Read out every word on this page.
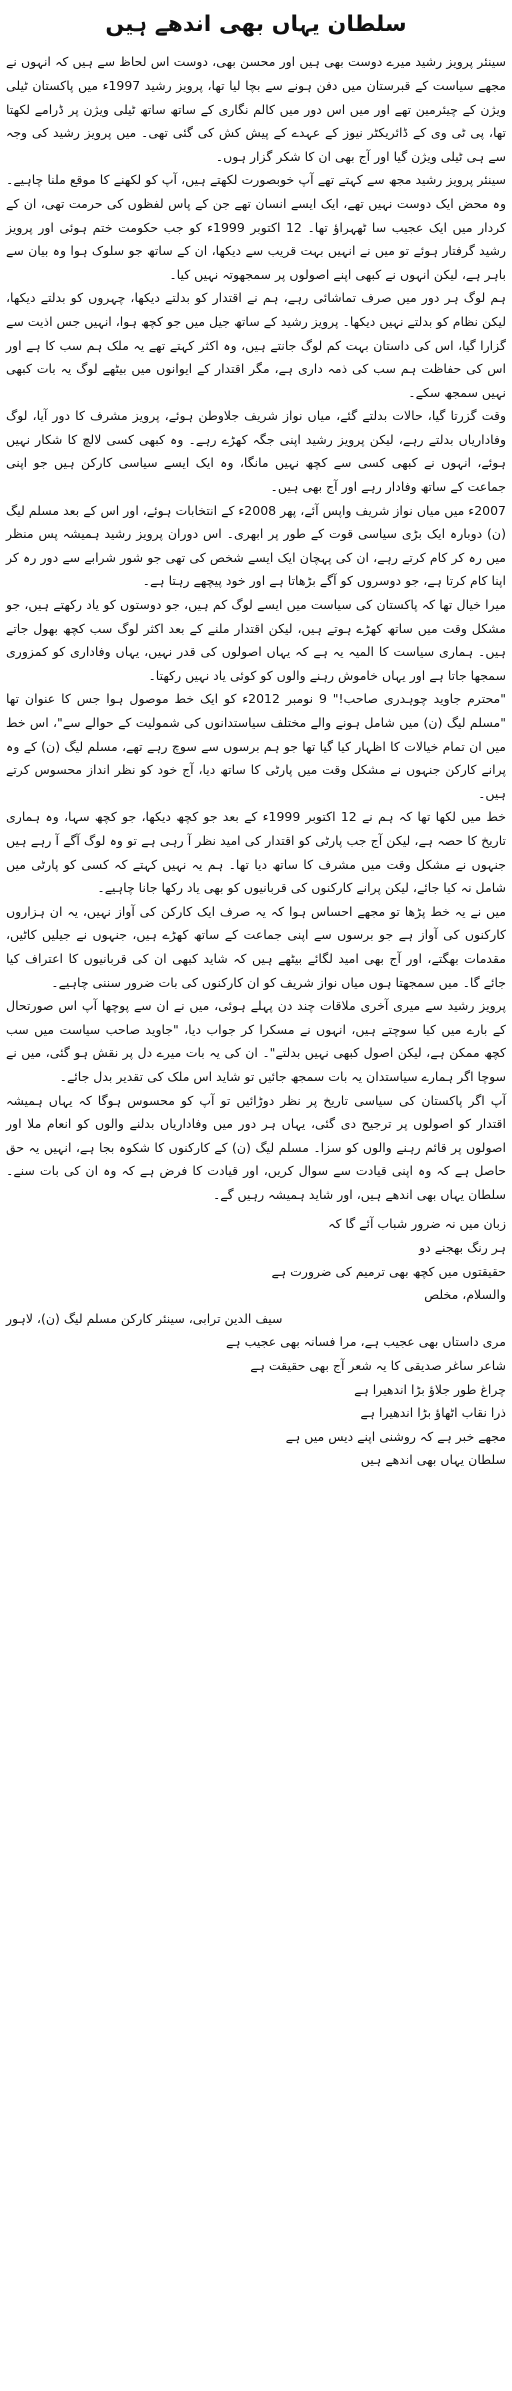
سلطان یہاں بھی اندھے ہیں

سینئر پرویز رشید میرے دوست بھی ہیں اور محسن بھی، دوست اس لحاظ سے ہیں کہ انہوں نے مجھے سیاست کے قبرستان میں دفن ہونے سے بچا لیا تھا، پرویز رشید 1997ء میں پاکستان ٹیلی ویژن کے چیئرمین تھے اور میں اس دور میں کالم نگاری کے ساتھ ساتھ ٹیلی ویژن پر ڈرامے لکھتا تھا، پی ٹی وی کے ڈائریکٹر نیوز کے عہدے کے پیش کش کی گئی تھی۔ میں پرویز رشید کی وجہ سے ہی ٹیلی ویژن گیا اور آج بھی ان کا شکر گزار ہوں۔

سینئر پرویز رشید مجھ سے کہتے تھے آپ خوبصورت لکھتے ہیں، آپ کو لکھنے کا موقع ملنا چاہیے۔ وہ محض ایک دوست نہیں تھے، ایک ایسے انسان تھے جن کے پاس لفظوں کی حرمت تھی، ان کے کردار میں ایک عجیب سا ٹھہراؤ تھا۔ 12 اکتوبر 1999ء کو جب حکومت ختم ہوئی اور پرویز رشید گرفتار ہوئے تو میں نے انہیں بہت قریب سے دیکھا، ان کے ساتھ جو سلوک ہوا وہ بیان سے باہر ہے، لیکن انہوں نے کبھی اپنے اصولوں پر سمجھوتہ نہیں کیا۔

ہم لوگ ہر دور میں صرف تماشائی رہے، ہم نے اقتدار کو بدلتے دیکھا، چہروں کو بدلتے دیکھا، لیکن نظام کو بدلتے نہیں دیکھا۔ پرویز رشید کے ساتھ جیل میں جو کچھ ہوا، انہیں جس اذیت سے گزارا گیا، اس کی داستان بہت کم لوگ جانتے ہیں، وہ اکثر کہتے تھے یہ ملک ہم سب کا ہے اور اس کی حفاظت ہم سب کی ذمہ داری ہے، مگر اقتدار کے ایوانوں میں بیٹھے لوگ یہ بات کبھی نہیں سمجھ سکے۔

وقت گزرتا گیا، حالات بدلتے گئے، میاں نواز شریف جلاوطن ہوئے، پرویز مشرف کا دور آیا، لوگ وفاداریاں بدلتے رہے، لیکن پرویز رشید اپنی جگہ کھڑے رہے۔ وہ کبھی کسی لالچ کا شکار نہیں ہوئے، انہوں نے کبھی کسی سے کچھ نہیں مانگا، وہ ایک ایسے سیاسی کارکن ہیں جو اپنی جماعت کے ساتھ وفادار رہے اور آج بھی ہیں۔

2007ء میں میاں نواز شریف واپس آئے، پھر 2008ء کے انتخابات ہوئے، اور اس کے بعد مسلم لیگ (ن) دوبارہ ایک بڑی سیاسی قوت کے طور پر ابھری۔ اس دوران پرویز رشید ہمیشہ پس منظر میں رہ کر کام کرتے رہے، ان کی پہچان ایک ایسے شخص کی تھی جو شور شرابے سے دور رہ کر اپنا کام کرتا ہے، جو دوسروں کو آگے بڑھاتا ہے اور خود پیچھے رہتا ہے۔

میرا خیال تھا کہ پاکستان کی سیاست میں ایسے لوگ کم ہیں، جو دوستوں کو یاد رکھتے ہیں، جو مشکل وقت میں ساتھ کھڑے ہوتے ہیں، لیکن اقتدار ملنے کے بعد اکثر لوگ سب کچھ بھول جاتے ہیں۔ ہماری سیاست کا المیہ یہ ہے کہ یہاں اصولوں کی قدر نہیں، یہاں وفاداری کو کمزوری سمجھا جاتا ہے اور یہاں خاموش رہنے والوں کو کوئی یاد نہیں رکھتا۔

"محترم جاوید چوہدری صاحب!" 9 نومبر 2012ء کو ایک خط موصول ہوا جس کا عنوان تھا "مسلم لیگ (ن) میں شامل ہونے والے مختلف سیاستدانوں کی شمولیت کے حوالے سے"، اس خط میں ان تمام خیالات کا اظہار کیا گیا تھا جو ہم برسوں سے سوچ رہے تھے، مسلم لیگ (ن) کے وہ پرانے کارکن جنہوں نے مشکل وقت میں پارٹی کا ساتھ دیا، آج خود کو نظر انداز محسوس کرتے ہیں۔

خط میں لکھا تھا کہ ہم نے 12 اکتوبر 1999ء کے بعد جو کچھ دیکھا، جو کچھ سہا، وہ ہماری تاریخ کا حصہ ہے، لیکن آج جب پارٹی کو اقتدار کی امید نظر آ رہی ہے تو وہ لوگ آگے آ رہے ہیں جنہوں نے مشکل وقت میں مشرف کا ساتھ دیا تھا۔ ہم یہ نہیں کہتے کہ کسی کو پارٹی میں شامل نہ کیا جائے، لیکن پرانے کارکنوں کی قربانیوں کو بھی یاد رکھا جانا چاہیے۔

میں نے یہ خط پڑھا تو مجھے احساس ہوا کہ یہ صرف ایک کارکن کی آواز نہیں، یہ ان ہزاروں کارکنوں کی آواز ہے جو برسوں سے اپنی جماعت کے ساتھ کھڑے ہیں، جنہوں نے جیلیں کاٹیں، مقدمات بھگتے، اور آج بھی امید لگائے بیٹھے ہیں کہ شاید کبھی ان کی قربانیوں کا اعتراف کیا جائے گا۔ میں سمجھتا ہوں میاں نواز شریف کو ان کارکنوں کی بات ضرور سننی چاہیے۔

پرویز رشید سے میری آخری ملاقات چند دن پہلے ہوئی، میں نے ان سے پوچھا آپ اس صورتحال کے بارے میں کیا سوچتے ہیں، انہوں نے مسکرا کر جواب دیا، "جاوید صاحب سیاست میں سب کچھ ممکن ہے، لیکن اصول کبھی نہیں بدلتے"۔ ان کی یہ بات میرے دل پر نقش ہو گئی، میں نے سوچا اگر ہمارے سیاستدان یہ بات سمجھ جائیں تو شاید اس ملک کی تقدیر بدل جائے۔

آپ اگر پاکستان کی سیاسی تاریخ پر نظر دوڑائیں تو آپ کو محسوس ہوگا کہ یہاں ہمیشہ اقتدار کو اصولوں پر ترجیح دی گئی، یہاں ہر دور میں وفاداریاں بدلنے والوں کو انعام ملا اور اصولوں پر قائم رہنے والوں کو سزا۔ مسلم لیگ (ن) کے کارکنوں کا شکوہ بجا ہے، انہیں یہ حق حاصل ہے کہ وہ اپنی قیادت سے سوال کریں، اور قیادت کا فرض ہے کہ وہ ان کی بات سنے۔ سلطان یہاں بھی اندھے ہیں، اور شاید ہمیشہ رہیں گے۔

زبان میں نہ ضرور شباب آئے گا کہ
ہر رنگ بھجنے دو
حقیقتوں میں کچھ بھی ترمیم کی ضرورت ہے
والسلام، مخلص
سیف الدین ترابی، سینئر کارکن مسلم لیگ (ن)، لاہور
مری داستاں بھی عجیب ہے، مرا فسانہ بھی عجیب ہے
شاعر ساغر صدیقی کا یہ شعر آج بھی حقیقت ہے
چراغ طور جلاؤ بڑا اندھیرا ہے
ذرا نقاب اٹھاؤ بڑا اندھیرا ہے
مجھے خبر ہے کہ روشنی اپنے دیس میں ہے
سلطان یہاں بھی اندھے ہیں
